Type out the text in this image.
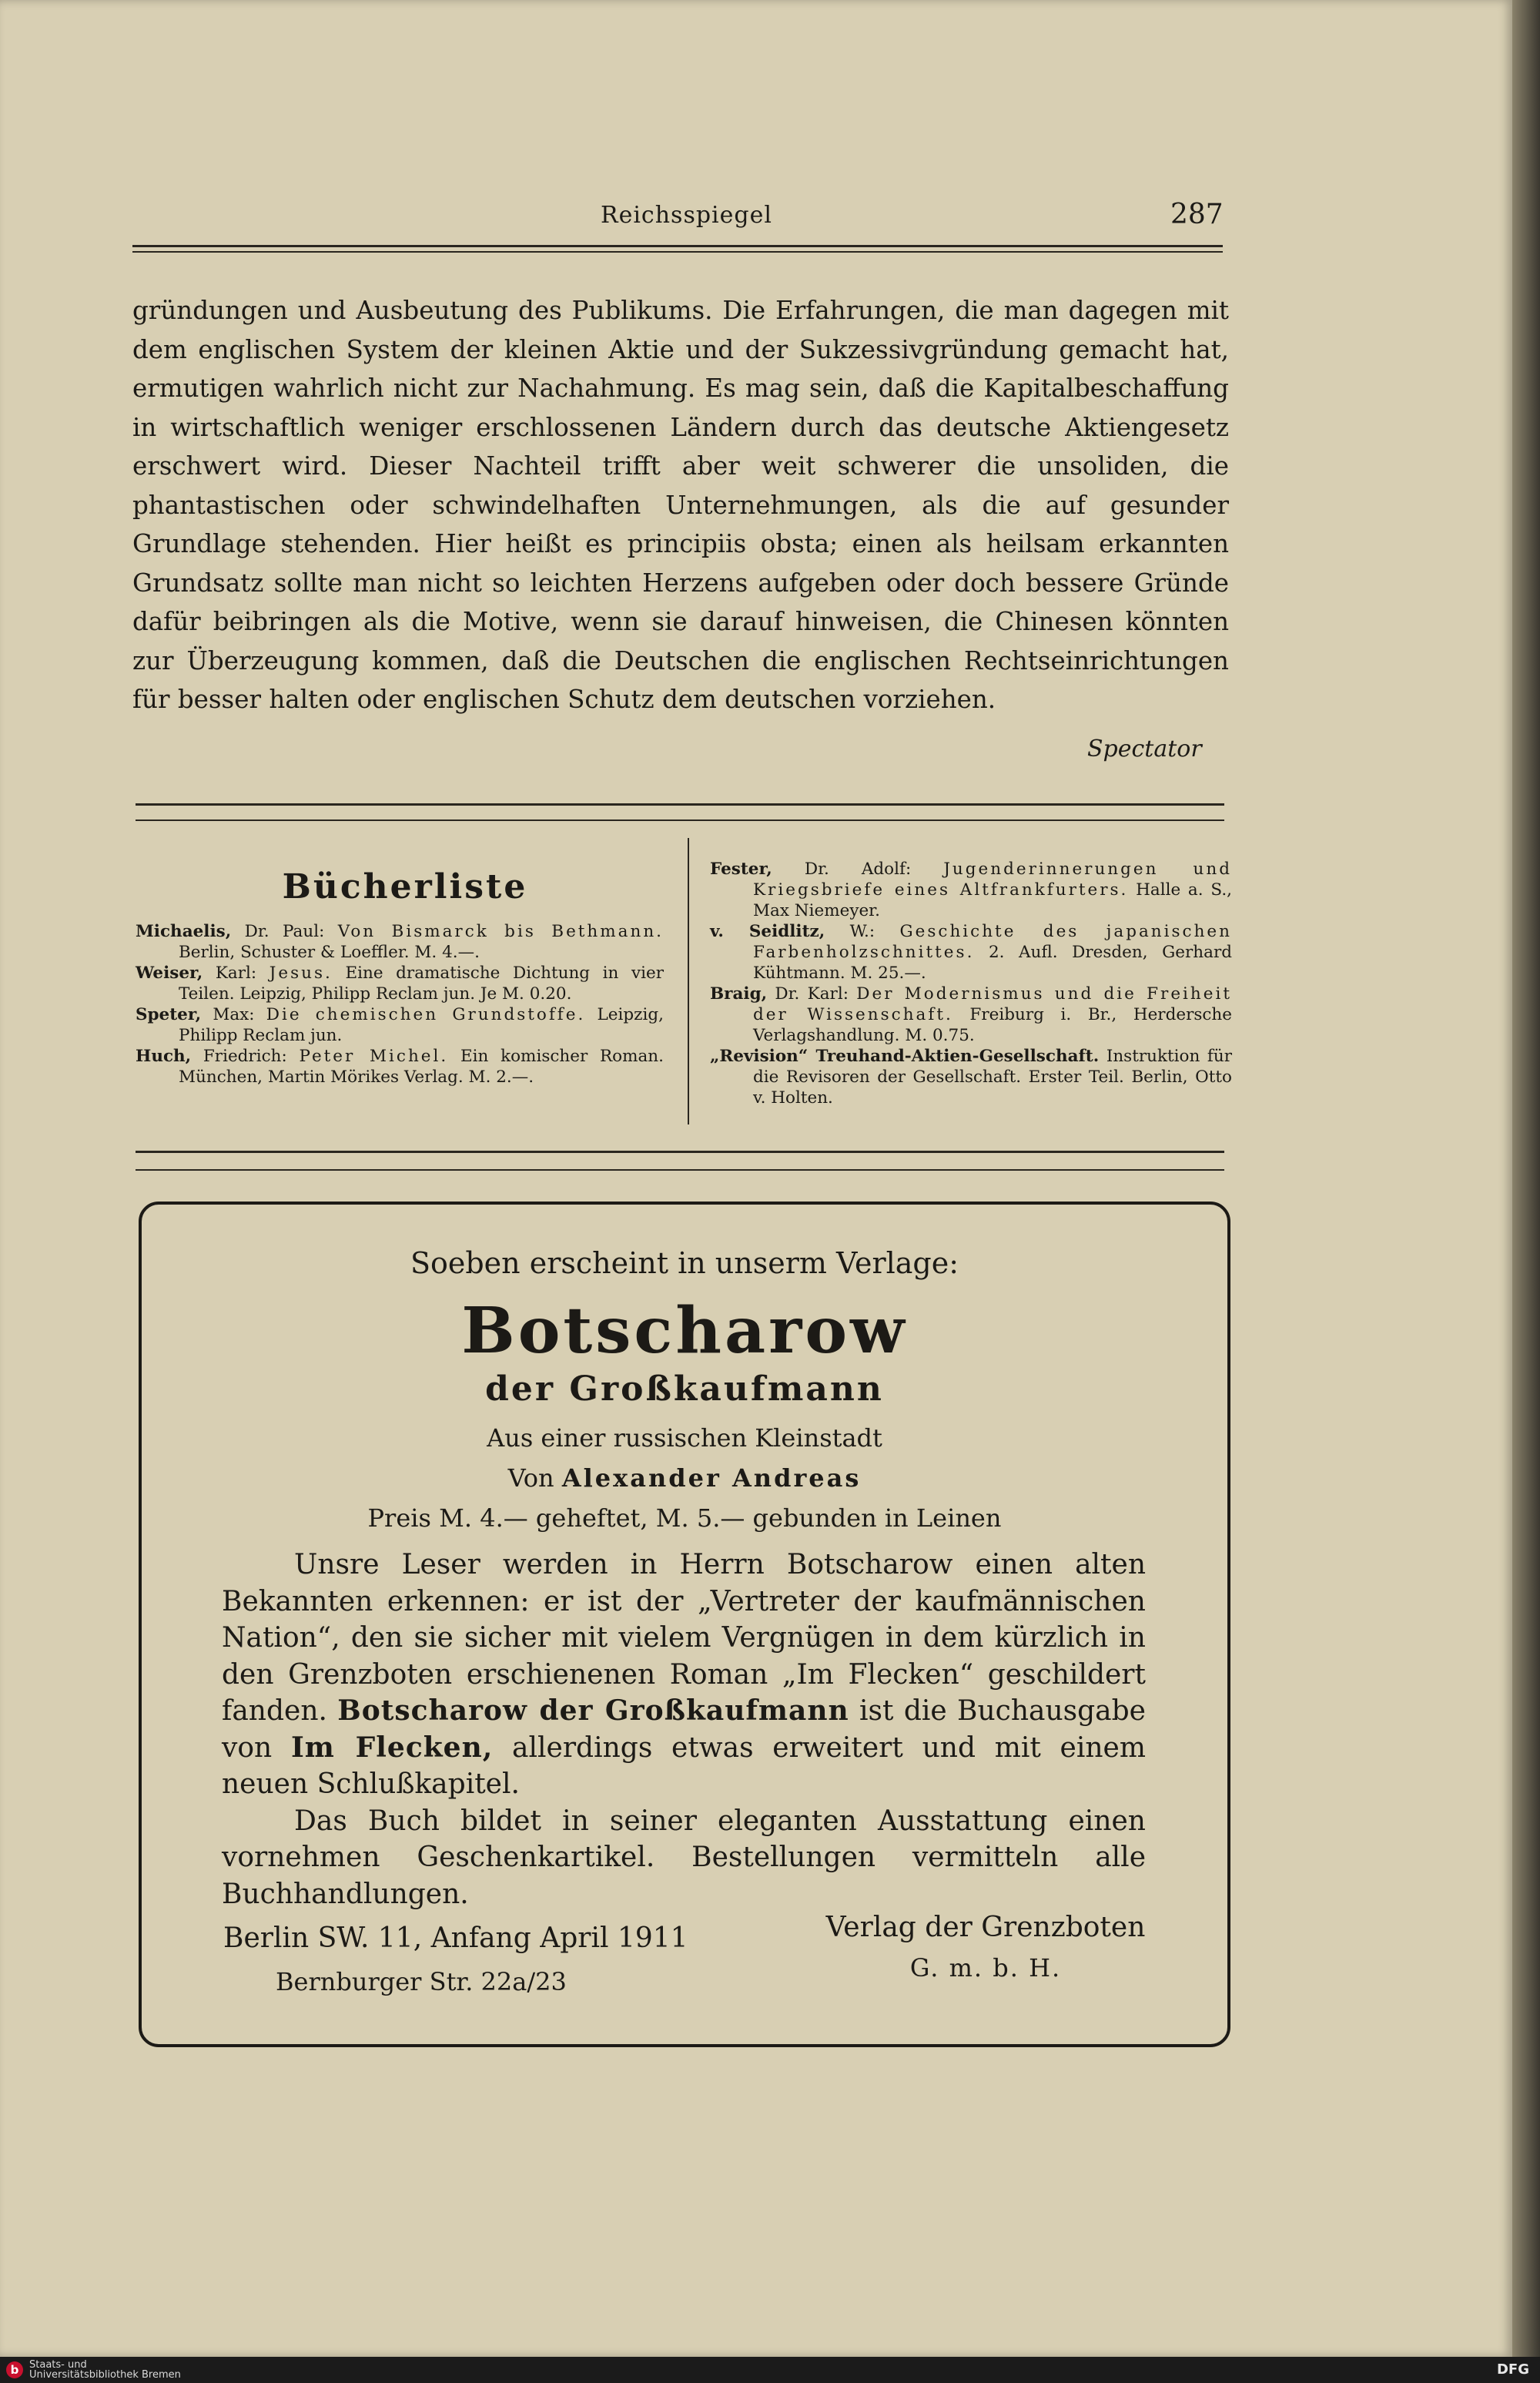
Reichsspiegel	287

gründungen und Ausbeutung des Publikums. Die Erfahrungen, die man dagegen mit dem englischen System der kleinen Aktie und der Sukzessivgründung gemacht hat, ermutigen wahrlich nicht zur Nachahmung. Es mag sein, daß die Kapitalbeschaffung in wirtschaftlich weniger erschlossenen Ländern durch das deutsche Aktiengesetz erschwert wird. Dieser Nachteil trifft aber weit schwerer die unsoliden, die phantastischen oder schwindelhaften Unternehmungen, als die auf gesunder Grundlage stehenden. Hier heißt es principiis obsta; einen als heilsam erkannten Grundsatz sollte man nicht so leichten Herzens aufgeben oder doch bessere Gründe dafür beibringen als die Motive, wenn sie darauf hinweisen, die Chinesen könnten zur Überzeugung kommen, daß die Deutschen die englischen Rechtseinrichtungen für besser halten oder englischen Schutz dem deutschen vorziehen.

Spectator
Bücherliste

Michaelis, Dr. Paul: Von Bismarck bis Bethmann. Berlin, Schuster & Loeffler. M. 4.—.

Weiser, Karl: Jesus. Eine dramatische Dichtung in vier Teilen. Leipzig, Philipp Reclam jun. Je M. 0.20.

Speter, Max: Die chemischen Grundstoffe. Leipzig, Philipp Reclam jun.

Huch, Friedrich: Peter Michel. Ein komischer Roman. München, Martin Mörikes Verlag. M. 2.—.

Fester, Dr. Adolf: Jugenderinnerungen und Kriegsbriefe eines Altfrankfurters. Halle a. S., Max Niemeyer.

v. Seidlitz, W.: Geschichte des japanischen Farbenholzschnittes. 2. Aufl. Dresden, Gerhard Kühtmann. M. 25.—.

Braig, Dr. Karl: Der Modernismus und die Freiheit der Wissenschaft. Freiburg i. Br., Herdersche Verlagshandlung. M. 0.75.

„Revision“ Treuhand-Aktien-Gesellschaft. Instruktion für die Revisoren der Gesellschaft. Erster Teil. Berlin, Otto v. Holten.

Soeben erscheint in unserm Verlage:
Botscharow
der Großkaufmann
Aus einer russischen Kleinstadt
Von Alexander Andreas
Preis M. 4.— geheftet, M. 5.— gebunden in Leinen

Unsre Leser werden in Herrn Botscharow einen alten Bekannten erkennen: er ist der „Vertreter der kaufmännischen Nation“, den sie sicher mit vielem Vergnügen in dem kürzlich in den Grenzboten erschienenen Roman „Im Flecken“ geschildert fanden. Botscharow der Großkaufmann ist die Buchausgabe von Im Flecken, allerdings etwas erweitert und mit einem neuen Schlußkapitel.

Das Buch bildet in seiner eleganten Ausstattung einen vornehmen Geschenkartikel. Bestellungen vermitteln alle Buchhandlungen.

Berlin SW. 11, Anfang April 1911
Bernburger Str. 22a/23
Verlag der Grenzboten
G. m. b. H.
b	Staats- und
Universitätsbibliothek Bremen	DFG
